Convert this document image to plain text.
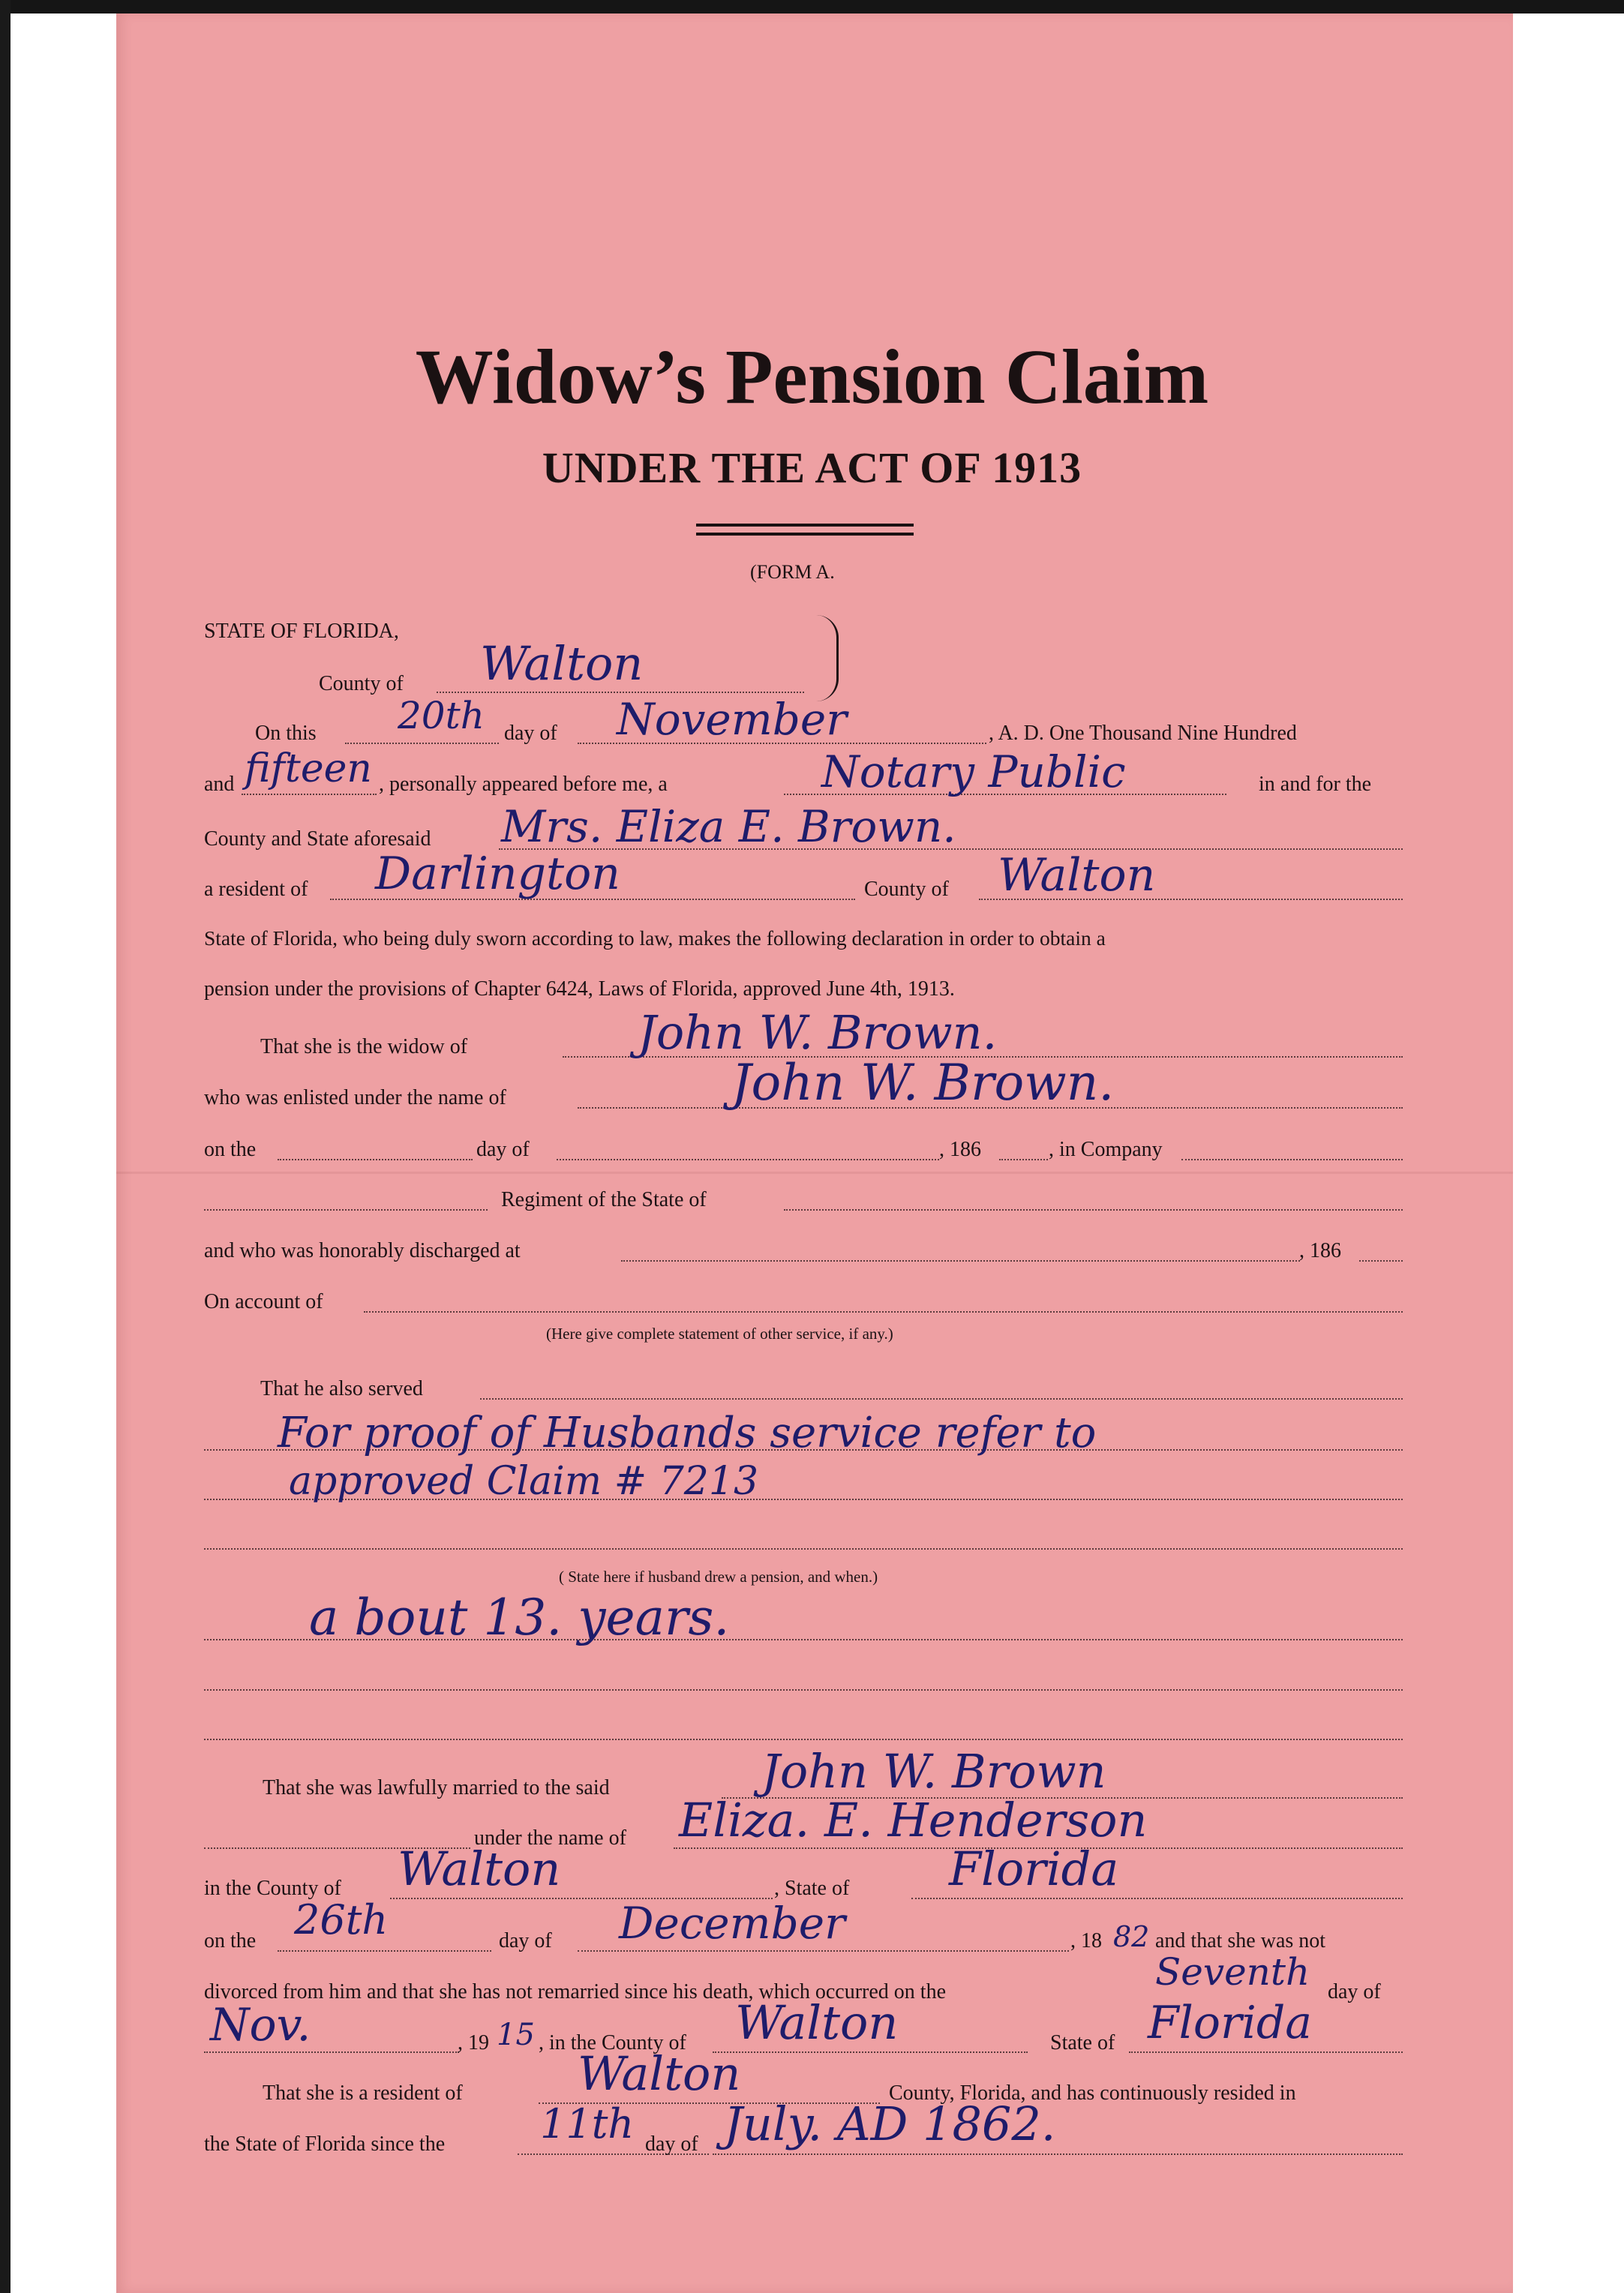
Widow’s Pension Claim
UNDER THE ACT OF 1913
(FORM A.
STATE OF FLORIDA,
County of Walton
On this 20th day of November	, A. D. One Thousand Nine Hundred
and fifteen , personally appeared before me, a	Notary Public	in and for the
County and State aforesaid Mrs. Eliza E. Brown.
a resident of Darlington	County of Walton
State of Florida, who being duly sworn according to law, makes the following declaration in order to obtain a
pension under the provisions of Chapter 6424, Laws of Florida, approved June 4th, 1913.
That she is the widow of	John W. Brown.
who was enlisted under the name of	John W. Brown.
on the	day of	, 186	, in Company
Regiment of the State of
and who was honorably discharged at	, 186
On account of
(Here give complete statement of other service, if any.)
That he also served
For proof of Husbands service refer to
approved Claim # 7213
( State here if husband drew a pension, and when.)
a bout 13. years.
That she was lawfully married to the said	John W. Brown
under the name of Eliza. E. Henderson
in the County of Walton	, State of Florida
on the 26th	day of December	, 18 82 and that she was not
divorced from him and that she has not remarried since his death, which occurred on the	Seventh day of
Nov.	, 19 15 , in the County of Walton	State of Florida
That she is a resident of Walton	County, Florida, and has continuously resided in
the State of Florida since the 11th day of July. AD 1862.
